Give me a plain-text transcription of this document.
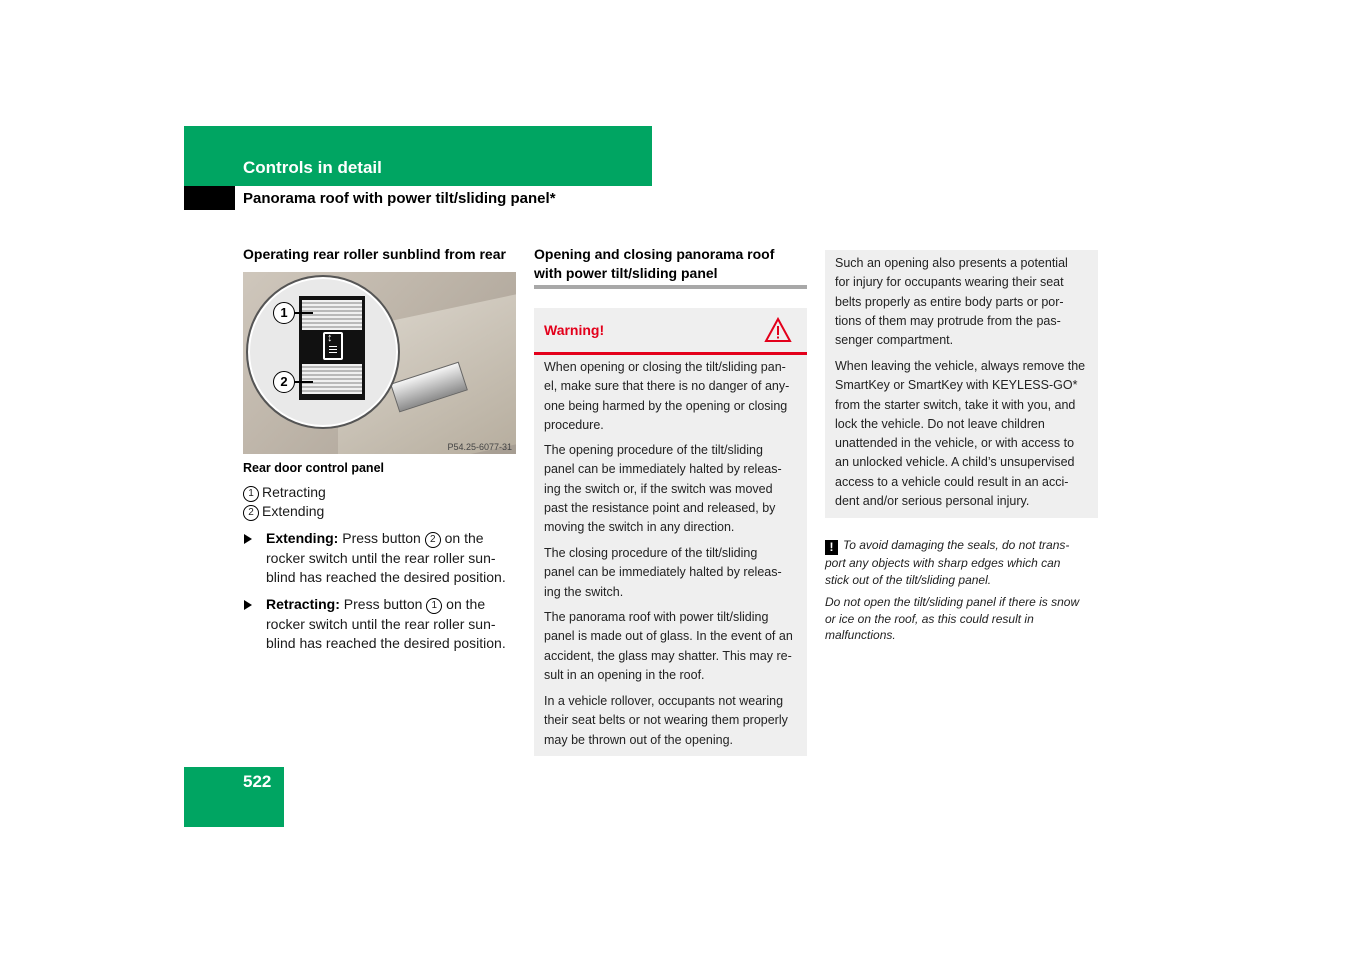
Controls in detail
Panorama roof with power tilt/sliding panel*
Operating rear roller sunblind from rear
↕
1
2
P54.25-6077-31
Rear door control panel
1 Retracting
2 Extending
Extending: Press button 2 on the
rocker switch until the rear roller sun-
blind has reached the desired position.
Retracting: Press button 1 on the
rocker switch until the rear roller sun-
blind has reached the desired position.
Opening and closing panorama roof
with power tilt/sliding panel
Warning!
When opening or closing the tilt/sliding pan-
el, make sure that there is no danger of any-
one being harmed by the opening or closing
procedure.
The opening procedure of the tilt/sliding
panel can be immediately halted by releas-
ing the switch or, if the switch was moved
past the resistance point and released, by
moving the switch in any direction.
The closing procedure of the tilt/sliding
panel can be immediately halted by releas-
ing the switch.
The panorama roof with power tilt/sliding
panel is made out of glass. In the event of an
accident, the glass may shatter. This may re-
sult in an opening in the roof.
In a vehicle rollover, occupants not wearing
their seat belts or not wearing them properly
may be thrown out of the opening.
Such an opening also presents a potential
for injury for occupants wearing their seat
belts properly as entire body parts or por-
tions of them may protrude from the pas-
senger compartment.
When leaving the vehicle, always remove the
SmartKey or SmartKey with KEYLESS-GO*
from the starter switch, take it with you, and
lock the vehicle. Do not leave children
unattended in the vehicle, or with access to
an unlocked vehicle. A child’s unsupervised
access to a vehicle could result in an acci-
dent and/or serious personal injury.
! To avoid damaging the seals, do not trans-
port any objects with sharp edges which can
stick out of the tilt/sliding panel.
Do not open the tilt/sliding panel if there is snow
or ice on the roof, as this could result in
malfunctions.
522
